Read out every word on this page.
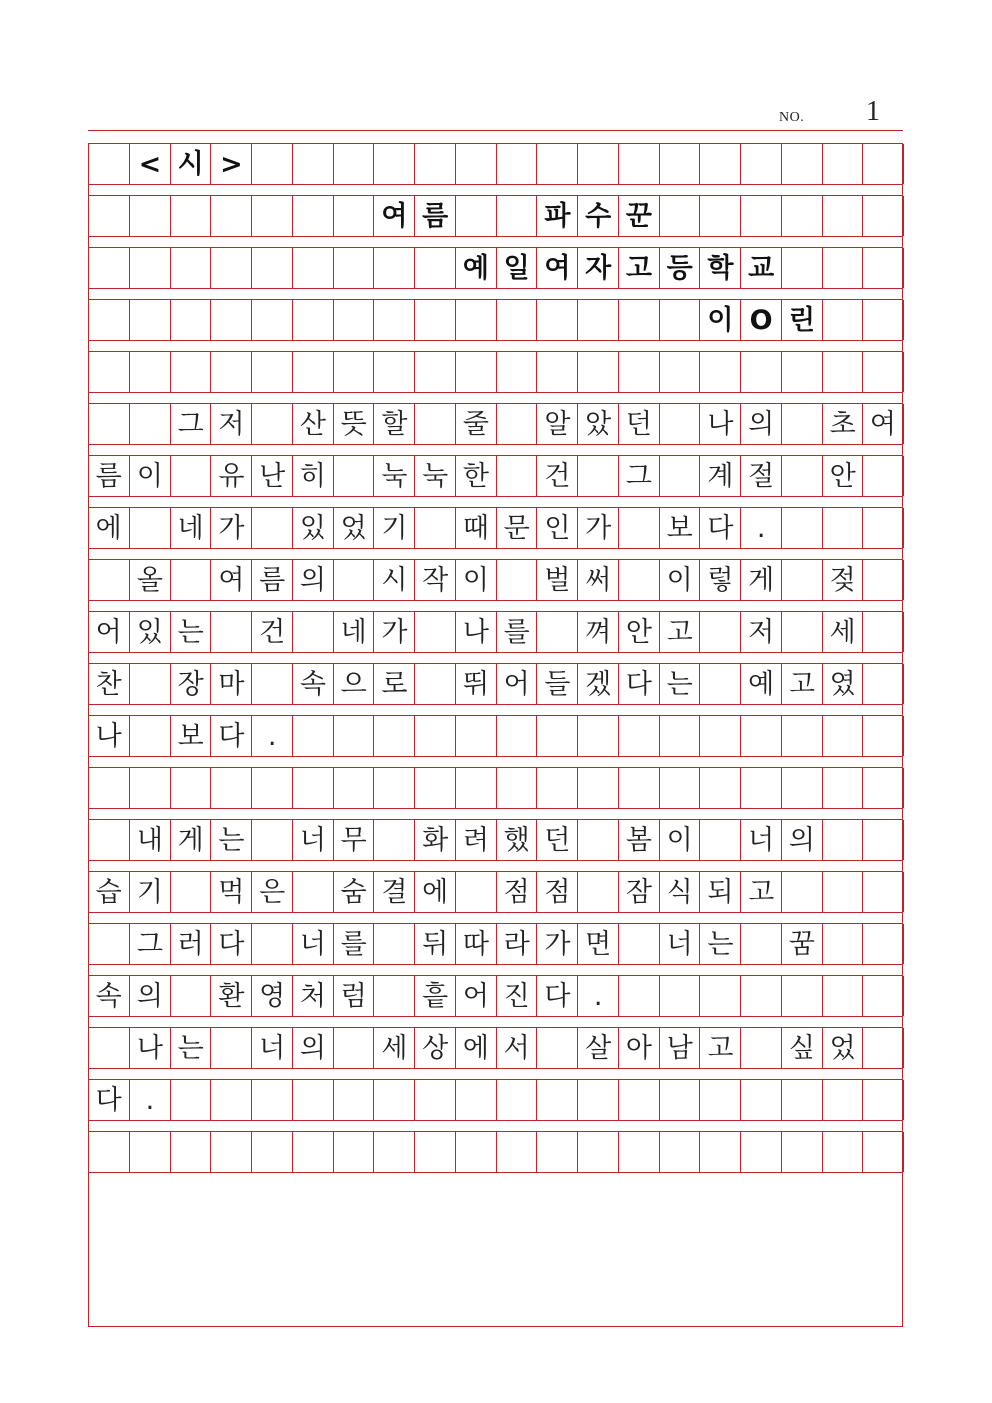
NO. 1
< 시 >
여 름	파 수 꾼
예 일 여 자 고 등 학 교
이 O 린
그 저 산 뜻 할 줄 알 았 던 나 의 초 여
름 이 유 난 히 눅 눅 한 건 그 계 절 안
에 네 가 있 었 기 때 문 인 가 보 다 .
올 여 름 의 시 작 이 벌 써 이 렇 게 젖
어 있 는 건 네 가 나 를 껴 안 고 저 세
찬 장 마 속 으 로 뛰 어 들 겠 다 는 예 고 였
나 보 다 .
내 게 는 너 무 화 려 했 던 봄 이 너 의
습 기 먹 은 숨 결 에 점 점 잠 식 되 고
그 러 다 너 를 뒤 따 라 가 면 너 는 꿈
속 의 환 영 처 럼 흩 어 진 다 .
나 는 너 의 세 상 에 서 살 아 남 고 싶 었
다 .
